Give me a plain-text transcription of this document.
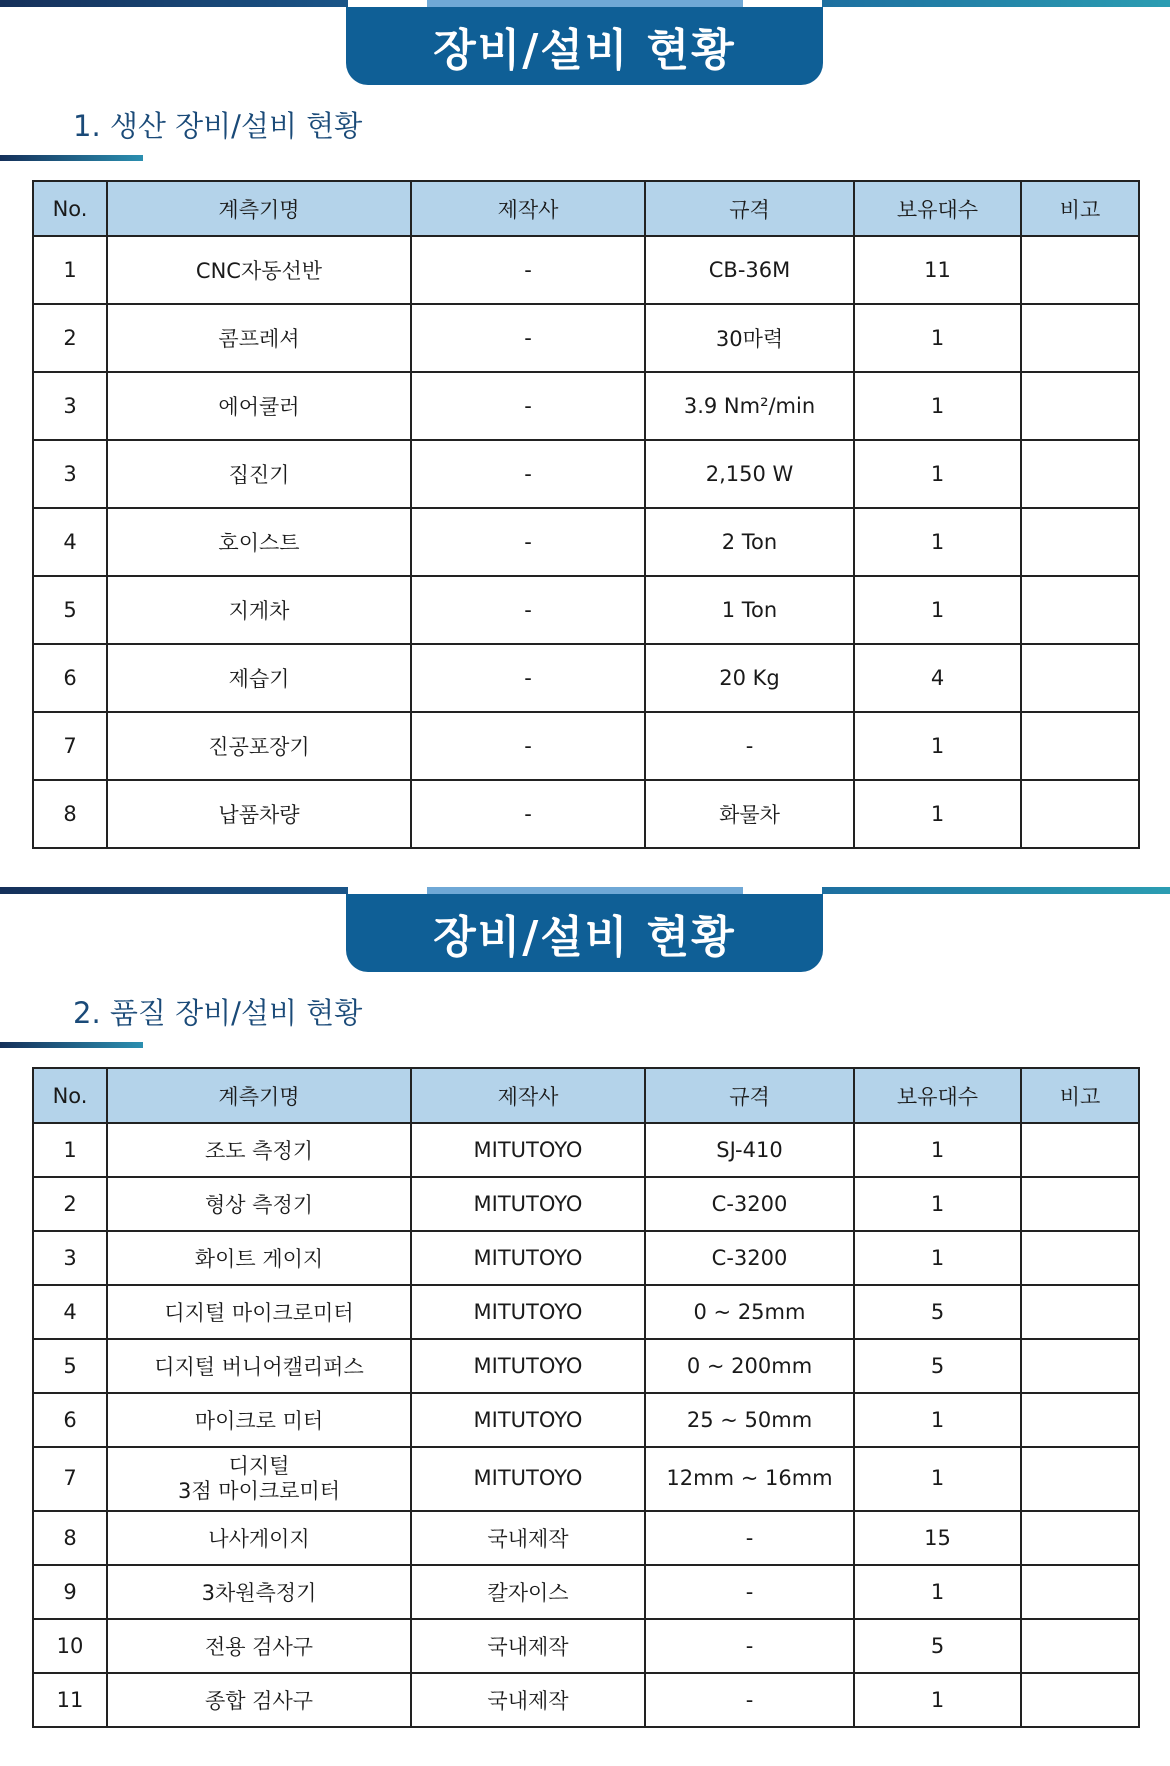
장비/설비 현황
1. 생산 장비/설비 현황
No.	계측기명	제작사	규격	보유대수	비고
1	CNC자동선반	-	CB-36M	11	
2	콤프레셔	-	30마력	1	
3	에어쿨러	-	3.9 Nm²/min	1	
3	집진기	-	2,150 W	1	
4	호이스트	-	2 Ton	1	
5	지게차	-	1 Ton	1	
6	제습기	-	20 Kg	4	
7	진공포장기	-	-	1	
8	납품차량	-	화물차	1	
장비/설비 현황
2. 품질 장비/설비 현황
No.	계측기명	제작사	규격	보유대수	비고
1	조도 측정기	MITUTOYO	SJ-410	1	
2	형상 측정기	MITUTOYO	C-3200	1	
3	화이트 게이지	MITUTOYO	C-3200	1	
4	디지털 마이크로미터	MITUTOYO	0 ~ 25mm	5	
5	디지털 버니어캘리퍼스	MITUTOYO	0 ~ 200mm	5	
6	마이크로 미터	MITUTOYO	25 ~ 50mm	1	
7	디지털
3점 마이크로미터	MITUTOYO	12mm ~ 16mm	1	
8	나사게이지	국내제작	-	15	
9	3차원측정기	칼자이스	-	1	
10	전용 검사구	국내제작	-	5	
11	종합 검사구	국내제작	-	1	
